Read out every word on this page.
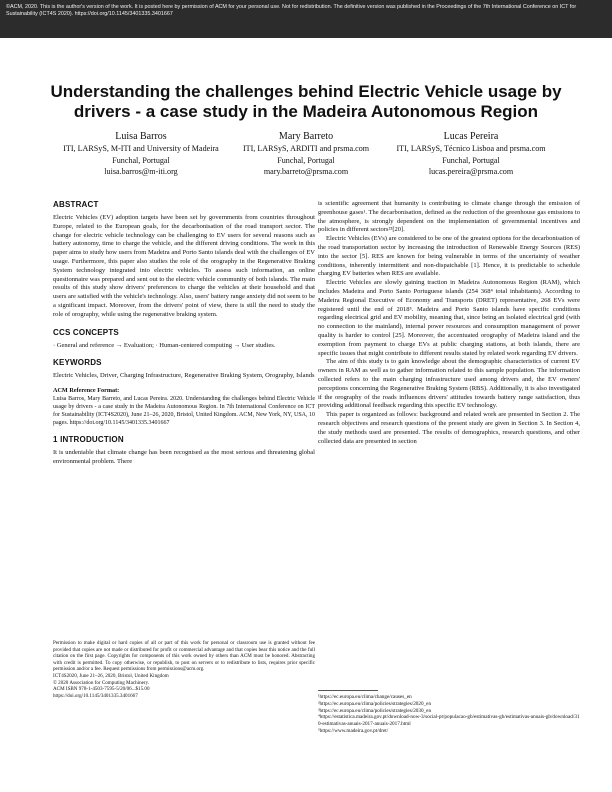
©ACM, 2020. This is the author's version of the work. It is posted here by permission of ACM for your personal use. Not for redistribution. The definitive version was published in the Proceedings of the 7th International Conference on ICT for Sustainability (ICT4S 2020). https://doi.org/10.1145/3401335.3401667
Understanding the challenges behind Electric Vehicle usage by drivers - a case study in the Madeira Autonomous Region
Luisa Barros
ITI, LARSyS, M-ITI and University of Madeira
Funchal, Portugal
luisa.barros@m-iti.org
Mary Barreto
ITI, LARSyS, ARDITI and prsma.com
Funchal, Portugal
mary.barreto@prsma.com
Lucas Pereira
ITI, LARSyS, Técnico Lisboa and prsma.com
Funchal, Portugal
lucas.pereira@prsma.com
ABSTRACT

Electric Vehicles (EV) adoption targets have been set by governments from countries throughout Europe, related to the European goals, for the decarbonisation of the road transport sector. The change for electric vehicle technology can be challenging to EV users for several reasons such as battery autonomy, time to charge the vehicle, and the different driving conditions. The work in this paper aims to study how users from Madeira and Porto Santo islands deal with the challenges of EV usage. Furthermore, this paper also studies the role of the orography in the Regenerative Braking System technology integrated into electric vehicles. To assess such information, an online questionnaire was prepared and sent out to the electric vehicle community of both islands. The main results of this study show drivers' preferences to charge the vehicles at their household and that users are satisfied with the vehicle's technology. Also, users' battery range anxiety did not seem to be a significant impact. Moreover, from the drivers' point of view, there is still the need to study the role of orography, while using the regenerative braking system.

CCS CONCEPTS

· General and reference → Evaluation; · Human-centered computing → User studies.

KEYWORDS

Electric Vehicles, Driver, Charging Infrastructure, Regenerative Braking System, Orography, Islands

ACM Reference Format:
Luisa Barros, Mary Barreto, and Lucas Pereira. 2020. Understanding the challenges behind Electric Vehicle usage by drivers - a case study in the Madeira Autonomous Region. In 7th International Conference on ICT for Sustainability (ICT4S2020), June 21–26, 2020, Bristol, United Kingdom. ACM, New York, NY, USA, 10 pages. https://doi.org/10.1145/3401335.3401667
1 INTRODUCTION

It is undeniable that climate change has been recognised as the most serious and threatening global environmental problem. There

Permission to make digital or hard copies of all or part of this work for personal or classroom use is granted without fee provided that copies are not made or distributed for profit or commercial advantage and that copies bear this notice and the full citation on the first page. Copyrights for components of this work owned by others than ACM must be honored. Abstracting with credit is permitted. To copy otherwise, or republish, to post on servers or to redistribute to lists, requires prior specific permission and/or a fee. Request permissions from permissions@acm.org.

ICT4S2020, June 21–26, 2020, Bristol, United Kingdom

© 2020 Association for Computing Machinery.

ACM ISBN 978-1-4503-7595-5/20/06...$15.00

https://doi.org/10.1145/3401335.3401667

is scientific agreement that humanity is contributing to climate change through the emission of greenhouse gases¹. The decarbonisation, defined as the reduction of the greenhouse gas emissions to the atmosphere, is strongly dependent on the implementation of governmental incentives and policies in different sectors²³[20].

Electric Vehicles (EVs) are considered to be one of the greatest options for the decarbonisation of the road transportation sector by increasing the introduction of Renewable Energy Sources (RES) into the sector [5]. RES are known for being vulnerable in terms of the uncertainty of weather conditions, inherently intermittent and non-dispatchable [1]. Hence, it is predictable to schedule charging EV batteries when RES are available.

Electric Vehicles are slowly gaining traction in Madeira Autonomous Region (RAM), which includes Madeira and Porto Santo Portuguese islands (254 368⁴ total inhabitants). According to Madeira Regional Executive of Economy and Transports (DRET) representative, 268 EVs were registered until the end of 2018⁵. Madeira and Porto Santo islands have specific conditions regarding electrical grid and EV mobility, meaning that, since being an isolated electrical grid (with no connection to the mainland), internal power resources and consumption management of power quality is harder to control [25]. Moreover, the accentuated orography of Madeira island and the exemption from payment to charge EVs at public charging stations, at both islands, there are specific issues that might contribute to different results stated by related work regarding EV drivers.

The aim of this study is to gain knowledge about the demographic characteristics of current EV owners in RAM as well as to gather information related to this sample population. The information collected refers to the main charging infrastructure used among drivers and, the EV owners' perceptions concerning the Regenerative Braking System (RBS). Additionally, it is also investigated if the orography of the roads influences drivers' attitudes towards battery range satisfaction, thus providing additional feedback regarding this specific EV technology.

This paper is organized as follows: background and related work are presented in Section 2. The research objectives and research questions of the present study are given in Section 3. In Section 4, the study methods used are presented. The results of demographics, research questions, and other collected data are presented in section

¹https://ec.europa.eu/clima/change/causes_en
²https://ec.europa.eu/clima/policies/strategies/2020_en
³https://ec.europa.eu/clima/policies/strategies/2030_en
⁴https://estatistica.madeira.gov.pt/download-now-3/social-pt/populacao-gb/estimativas-gb/estimativas-anuais-gb/download/310-estimativas-anuais-2017-anuais-2017.html
⁵https://www.madeira.gov.pt/dret/
